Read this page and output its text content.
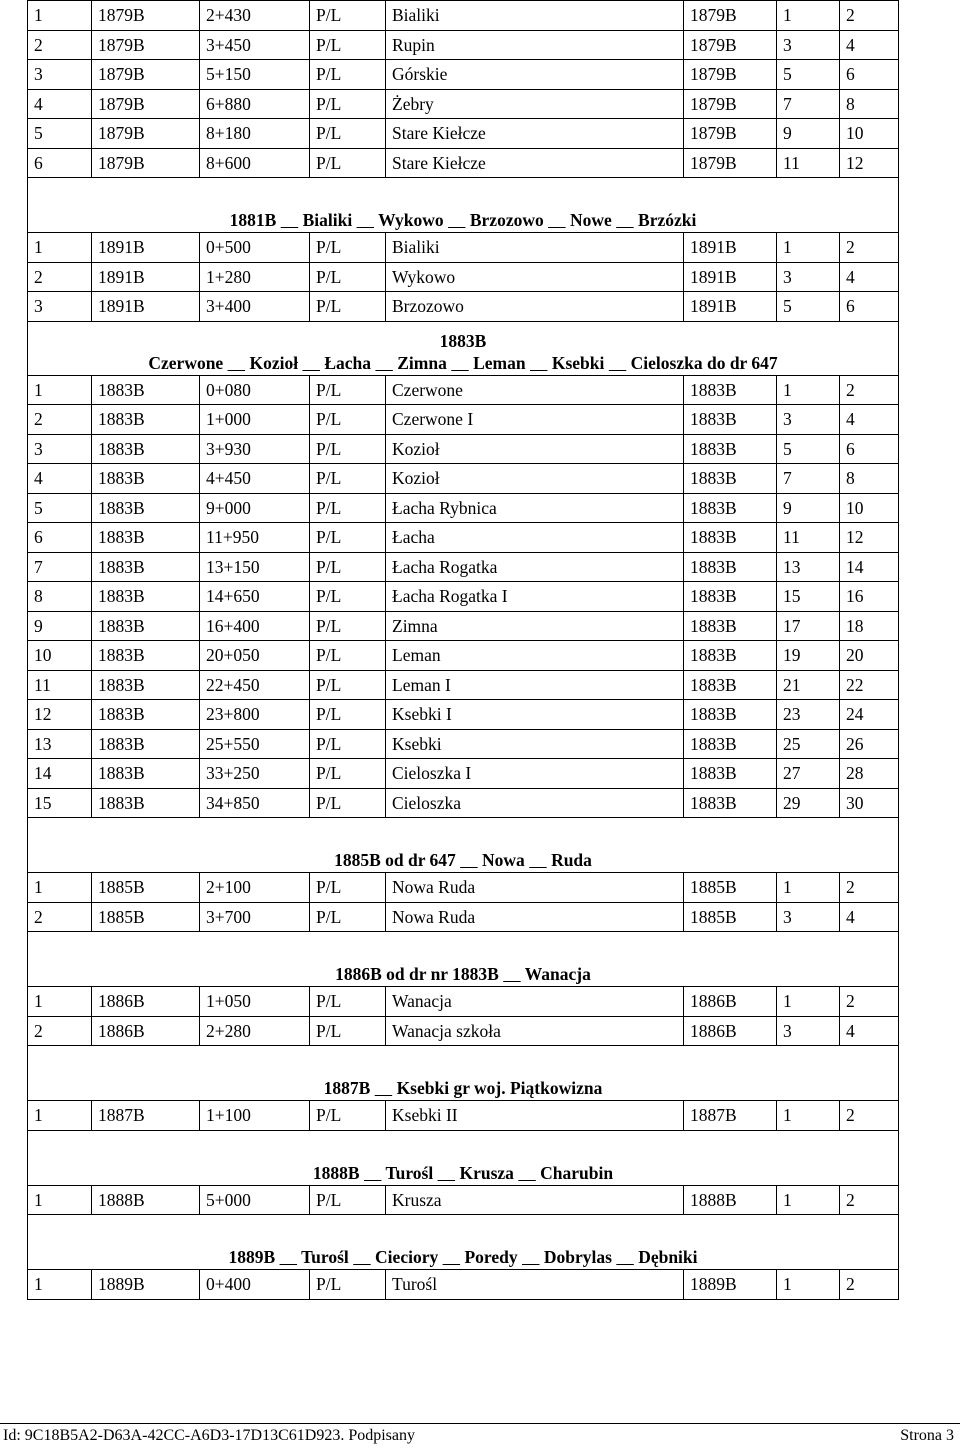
1	1879B	2+430	P/L	Bialiki	1879B	1	2
2	1879B	3+450	P/L	Rupin	1879B	3	4
3	1879B	5+150	P/L	Górskie	1879B	5	6
4	1879B	6+880	P/L	Żebry	1879B	7	8
5	1879B	8+180	P/L	Stare Kiełcze	1879B	9	10
6	1879B	8+600	P/L	Stare Kiełcze	1879B	11	12

1881B Bialiki Wykowo Brzozowo Nowe Brzózki							

1	1891B	0+500	P/L	Bialiki	1891B	1	2
2	1891B	1+280	P/L	Wykowo	1891B	3	4
3	1891B	3+400	P/L	Brzozowo	1891B	5	6

1883B
Czerwone Kozioł Łacha Zimna Leman Ksebki Cieloszka do dr 647							

1	1883B	0+080	P/L	Czerwone	1883B	1	2
2	1883B	1+000	P/L	Czerwone I	1883B	3	4
3	1883B	3+930	P/L	Kozioł	1883B	5	6
4	1883B	4+450	P/L	Kozioł	1883B	7	8
5	1883B	9+000	P/L	Łacha Rybnica	1883B	9	10
6	1883B	11+950	P/L	Łacha	1883B	11	12
7	1883B	13+150	P/L	Łacha Rogatka	1883B	13	14
8	1883B	14+650	P/L	Łacha Rogatka I	1883B	15	16
9	1883B	16+400	P/L	Zimna	1883B	17	18
10	1883B	20+050	P/L	Leman	1883B	19	20
11	1883B	22+450	P/L	Leman I	1883B	21	22
12	1883B	23+800	P/L	Ksebki I	1883B	23	24
13	1883B	25+550	P/L	Ksebki	1883B	25	26
14	1883B	33+250	P/L	Cieloszka I	1883B	27	28
15	1883B	34+850	P/L	Cieloszka	1883B	29	30

1885B od dr 647 Nowa Ruda							

1	1885B	2+100	P/L	Nowa Ruda	1885B	1	2
2	1885B	3+700	P/L	Nowa Ruda	1885B	3	4

1886B od dr nr 1883B Wanacja							

1	1886B	1+050	P/L	Wanacja	1886B	1	2
2	1886B	2+280	P/L	Wanacja szkoła	1886B	3	4

1887B Ksebki gr woj. Piątkowizna							

1	1887B	1+100	P/L	Ksebki II	1887B	1	2

1888B Turośl Krusza Charubin							

1	1888B	5+000	P/L	Krusza	1888B	1	2

1889B Turośl Cieciory Poredy Dobrylas Dębniki							

1	1889B	0+400	P/L	Turośl	1889B	1	2
Id: 9C18B5A2-D63A-42CC-A6D3-17D13C61D923. Podpisany	Strona 3
